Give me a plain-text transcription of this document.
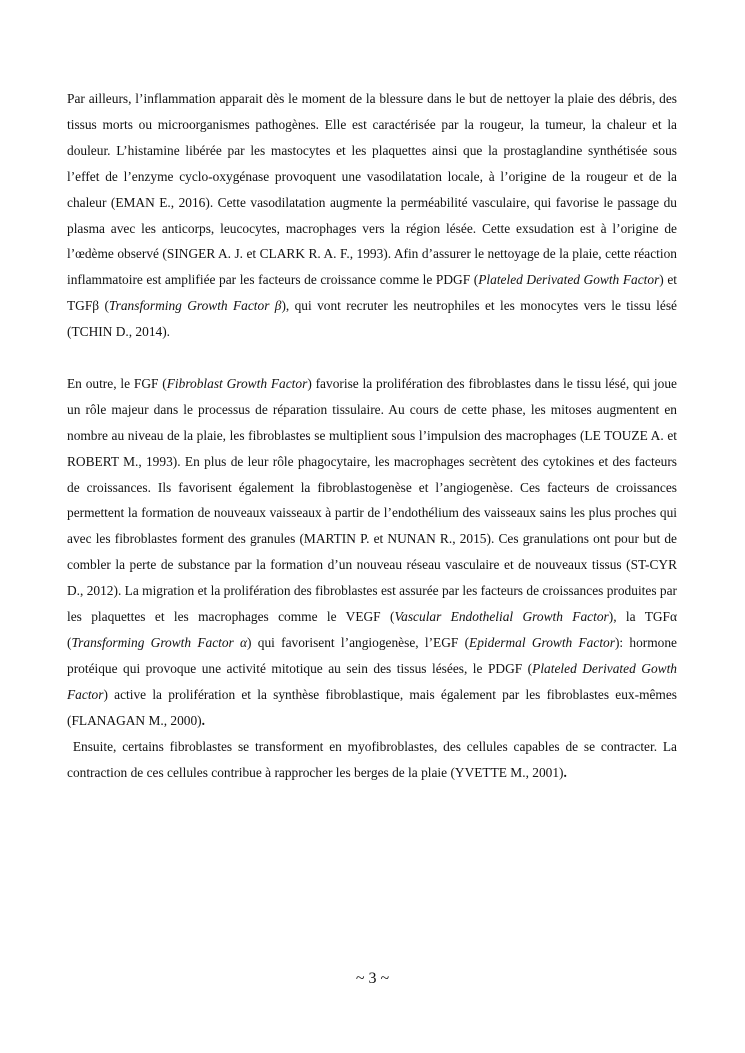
Par ailleurs, l’inflammation apparait dès le moment de la blessure dans le but de nettoyer la plaie des débris, des tissus morts ou microorganismes pathogènes. Elle est caractérisée par la rougeur, la tumeur, la chaleur et la douleur. L’histamine libérée par les mastocytes et les plaquettes ainsi que la prostaglandine synthétisée sous l’effet de l’enzyme cyclo-oxygénase provoquent une vasodilatation locale, à l’origine de la rougeur et de la chaleur (EMAN E., 2016). Cette vasodilatation augmente la perméabilité vasculaire, qui favorise le passage du plasma avec les anticorps, leucocytes, macrophages vers la région lésée. Cette exsudation est à l’origine de l’œdème observé (SINGER A. J. et CLARK R. A. F., 1993). Afin d’assurer le nettoyage de la plaie, cette réaction inflammatoire est amplifiée par les facteurs de croissance comme le PDGF (Plateled Derivated Gowth Factor) et TGFβ (Transforming Growth Factor β), qui vont recruter les neutrophiles et les monocytes vers le tissu lésé (TCHIN D., 2014).

En outre, le FGF (Fibroblast Growth Factor) favorise la prolifération des fibroblastes dans le tissu lésé, qui joue un rôle majeur dans le processus de réparation tissulaire. Au cours de cette phase, les mitoses augmentent en nombre au niveau de la plaie, les fibroblastes se multiplient sous l’impulsion des macrophages (LE TOUZE A. et ROBERT M., 1993). En plus de leur rôle phagocytaire, les macrophages secrètent des cytokines et des facteurs de croissances. Ils favorisent également la fibroblastogenèse et l’angiogenèse. Ces facteurs de croissances permettent la formation de nouveaux vaisseaux à partir de l’endothélium des vaisseaux sains les plus proches qui avec les fibroblastes forment des granules (MARTIN P. et NUNAN R., 2015). Ces granulations ont pour but de combler la perte de substance par la formation d’un nouveau réseau vasculaire et de nouveaux tissus (ST-CYR D., 2012). La migration et la prolifération des fibroblastes est assurée par les facteurs de croissances produites par les plaquettes et les macrophages comme le VEGF (Vascular Endothelial Growth Factor), la TGFα (Transforming Growth Factor α) qui favorisent l’angiogenèse, l’EGF (Epidermal Growth Factor): hormone protéique qui provoque une activité mitotique au sein des tissus lésées, le PDGF (Plateled Derivated Gowth Factor) active la prolifération et la synthèse fibroblastique, mais également par les fibroblastes eux-mêmes (FLANAGAN M., 2000).

Ensuite, certains fibroblastes se transforment en myofibroblastes, des cellules capables de se contracter. La contraction de ces cellules contribue à rapprocher les berges de la plaie (YVETTE M., 2001).

~ 3 ~
